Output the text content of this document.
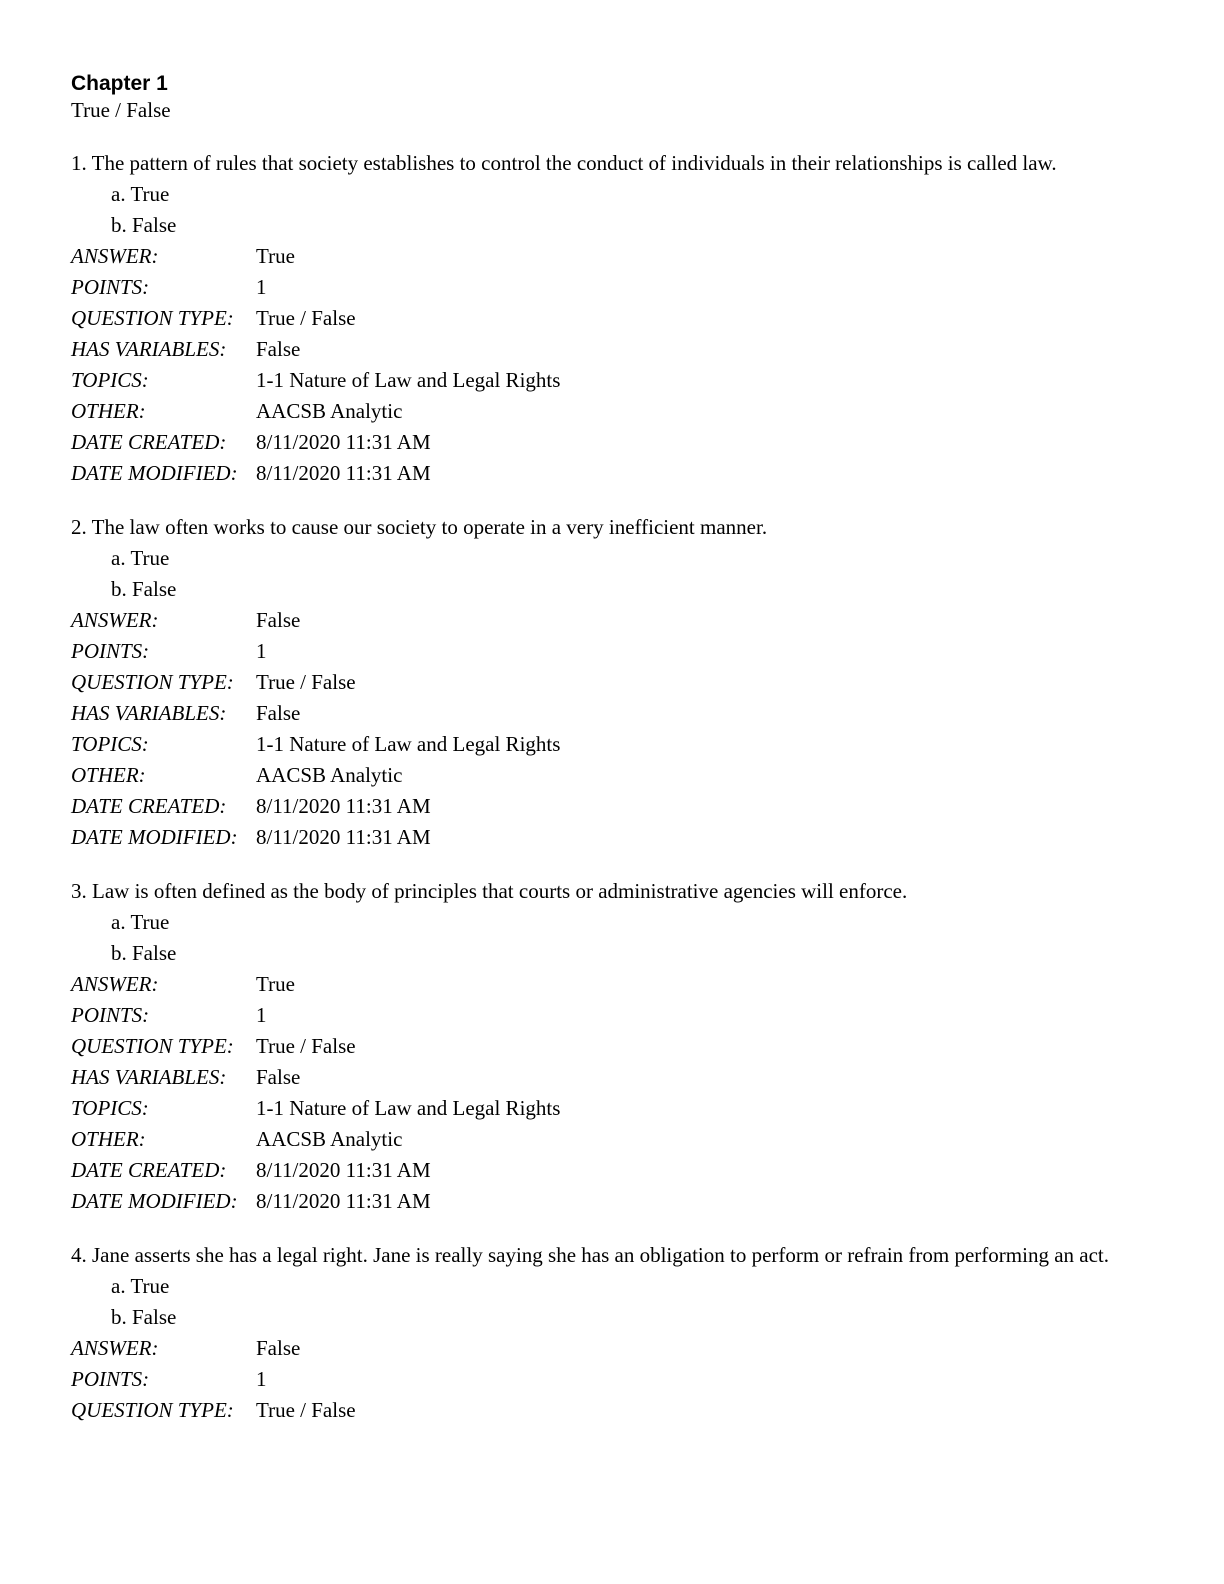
Chapter 1
True / False
1. The pattern of rules that society establishes to control the conduct of individuals in their relationships is called law.
a. True
b. False
ANSWER:	True
POINTS:	1
QUESTION TYPE:	True / False
HAS VARIABLES:	False
TOPICS:	1-1 Nature of Law and Legal Rights
OTHER:	AACSB Analytic
DATE CREATED:	8/11/2020 11:31 AM
DATE MODIFIED: 8/11/2020 11:31 AM
2. The law often works to cause our society to operate in a very inefficient manner.
a. True
b. False
ANSWER:	False
POINTS:	1
QUESTION TYPE:	True / False
HAS VARIABLES:	False
TOPICS:	1-1 Nature of Law and Legal Rights
OTHER:	AACSB Analytic
DATE CREATED:	8/11/2020 11:31 AM
DATE MODIFIED: 8/11/2020 11:31 AM
3. Law is often defined as the body of principles that courts or administrative agencies will enforce.
a. True
b. False
ANSWER:	True
POINTS:	1
QUESTION TYPE:	True / False
HAS VARIABLES:	False
TOPICS:	1-1 Nature of Law and Legal Rights
OTHER:	AACSB Analytic
DATE CREATED:	8/11/2020 11:31 AM
DATE MODIFIED: 8/11/2020 11:31 AM
4. Jane asserts she has a legal right. Jane is really saying she has an obligation to perform or refrain from performing an act.
a. True
b. False
ANSWER:	False
POINTS:	1
QUESTION TYPE:	True / False
